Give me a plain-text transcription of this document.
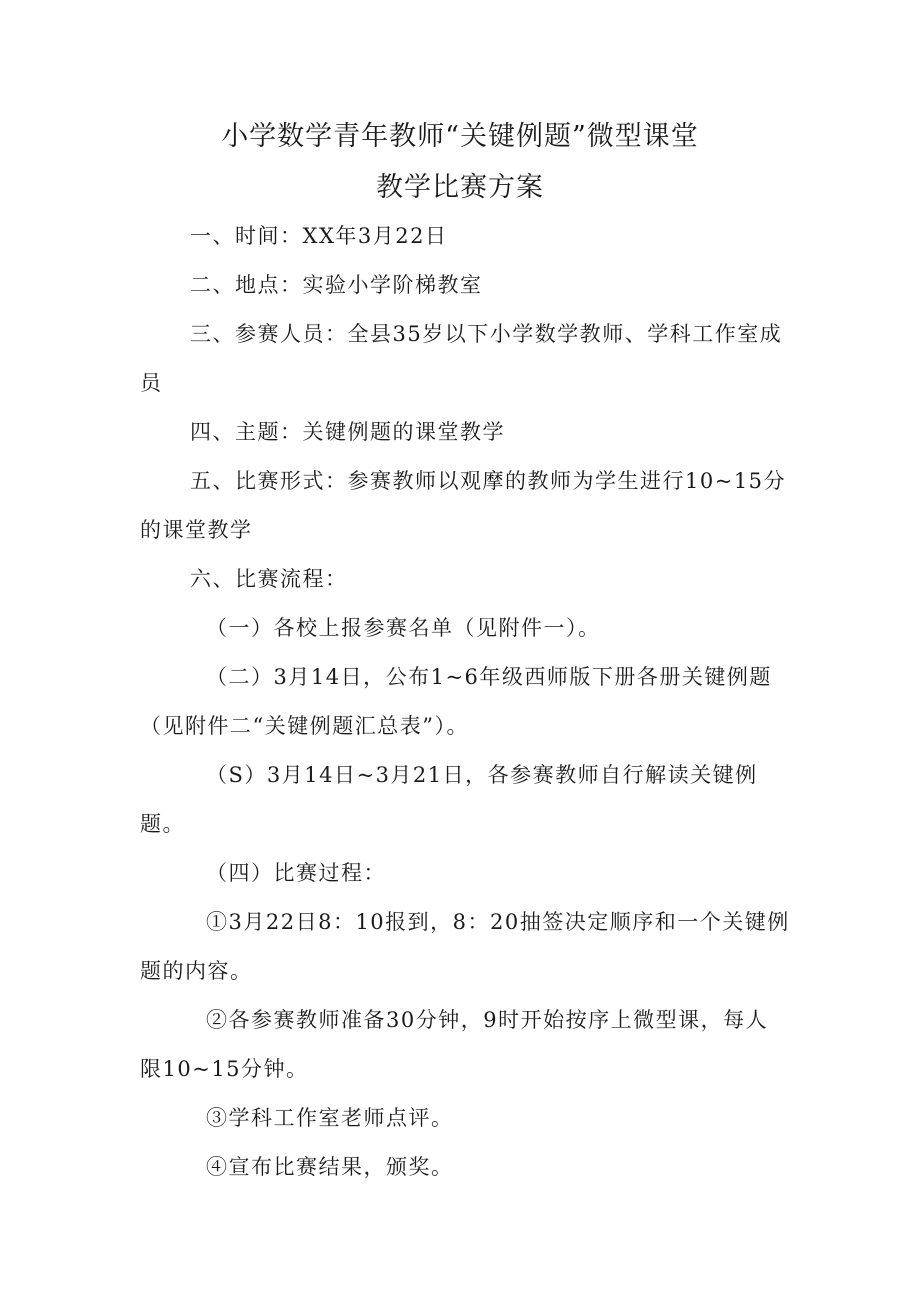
小学数学青年教师“关键例题”微型课堂
教学比赛方案

一、时间：XX年3月22日

二、地点：实验小学阶梯教室

三、参赛人员：全县35岁以下小学数学教师、学科工作室成员

四、主题：关键例题的课堂教学

五、比赛形式：参赛教师以观摩的教师为学生进行10~15分的课堂教学

六、比赛流程：

（一）各校上报参赛名单（见附件一）。

（二）3月14日，公布1~6年级西师版下册各册关键例题（见附件二“关键例题汇总表”）。

（S）3月14日~3月21日，各参赛教师自行解读关键例题。

（四）比赛过程：

①3月22日8：10报到，8：20抽签决定顺序和一个关键例题的内容。

②各参赛教师准备30分钟，9时开始按序上微型课，每人限10~15分钟。

③学科工作室老师点评。

④宣布比赛结果，颁奖。
